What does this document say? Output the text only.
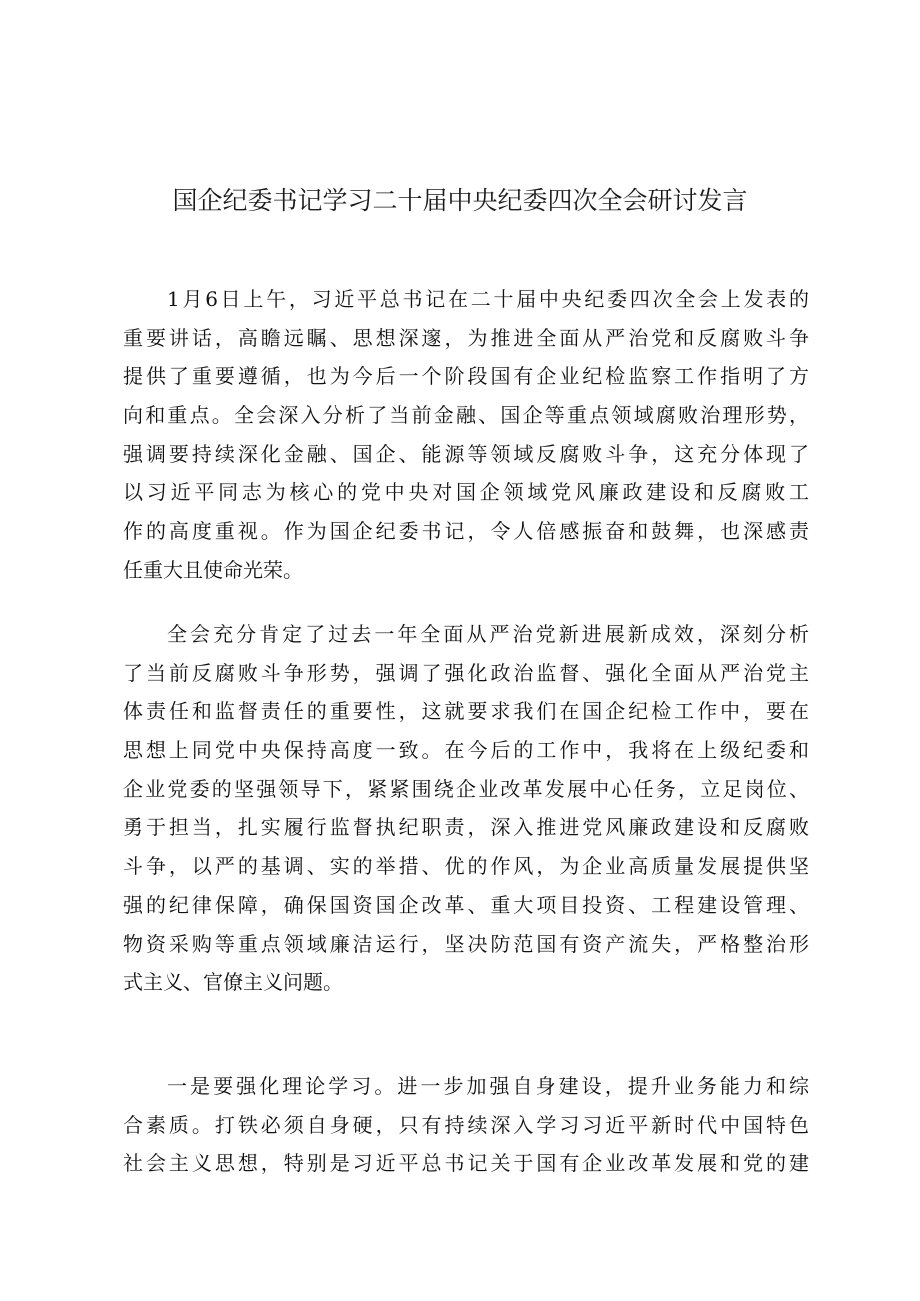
国企纪委书记学习二十届中央纪委四次全会研讨发言
1月6日上午，习近平总书记在二十届中央纪委四次全会上发表的
重要讲话，高瞻远瞩、思想深邃，为推进全面从严治党和反腐败斗争
提供了重要遵循，也为今后一个阶段国有企业纪检监察工作指明了方
向和重点。全会深入分析了当前金融、国企等重点领域腐败治理形势，
强调要持续深化金融、国企、能源等领域反腐败斗争，这充分体现了
以习近平同志为核心的党中央对国企领域党风廉政建设和反腐败工
作的高度重视。作为国企纪委书记，令人倍感振奋和鼓舞，也深感责
任重大且使命光荣。
全会充分肯定了过去一年全面从严治党新进展新成效，深刻分析
了当前反腐败斗争形势，强调了强化政治监督、强化全面从严治党主
体责任和监督责任的重要性，这就要求我们在国企纪检工作中，要在
思想上同党中央保持高度一致。在今后的工作中，我将在上级纪委和
企业党委的坚强领导下，紧紧围绕企业改革发展中心任务，立足岗位、
勇于担当，扎实履行监督执纪职责，深入推进党风廉政建设和反腐败
斗争，以严的基调、实的举措、优的作风，为企业高质量发展提供坚
强的纪律保障，确保国资国企改革、重大项目投资、工程建设管理、
物资采购等重点领域廉洁运行，坚决防范国有资产流失，严格整治形
式主义、官僚主义问题。
一是要强化理论学习。进一步加强自身建设，提升业务能力和综
合素质。打铁必须自身硬，只有持续深入学习习近平新时代中国特色
社会主义思想，特别是习近平总书记关于国有企业改革发展和党的建
